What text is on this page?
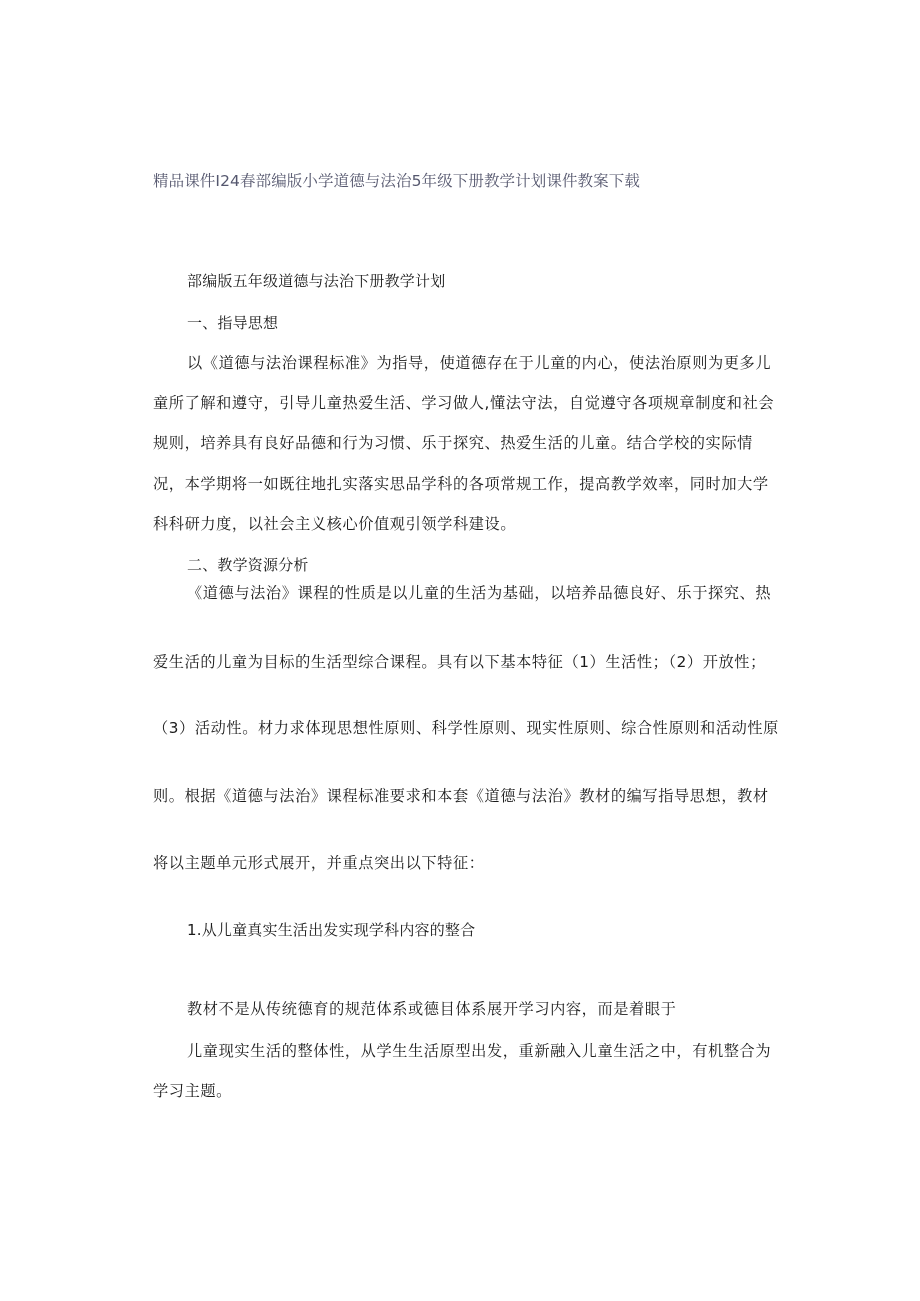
精品课件I24春部编版小学道德与法治5年级下册教学计划课件教案下载
部编版五年级道德与法治下册教学计划
一、指导思想
以《道德与法治课程标准》为指导，使道德存在于儿童的内心，使法治原则为更多儿
童所了解和遵守，引导儿童热爱生活、学习做人,懂法守法，自觉遵守各项规章制度和社会
规则，培养具有良好品德和行为习惯、乐于探究、热爱生活的儿童。结合学校的实际情
况，本学期将一如既往地扎实落实思品学科的各项常规工作，提高教学效率，同时加大学
科科研力度，以社会主义核心价值观引领学科建设。
二、教学资源分析
《道德与法治》课程的性质是以儿童的生活为基础，以培养品德良好、乐于探究、热
爱生活的儿童为目标的生活型综合课程。具有以下基本特征（1）生活性；（2）开放性；
（3）活动性。材力求体现思想性原则、科学性原则、现实性原则、综合性原则和活动性原
则。根据《道德与法治》课程标准要求和本套《道德与法治》教材的编写指导思想，教材
将以主题单元形式展开，并重点突出以下特征：
1.从儿童真实生活出发实现学科内容的整合
教材不是从传统德育的规范体系或德目体系展开学习内容，而是着眼于
儿童现实生活的整体性，从学生生活原型出发，重新融入儿童生活之中，有机整合为
学习主题。
